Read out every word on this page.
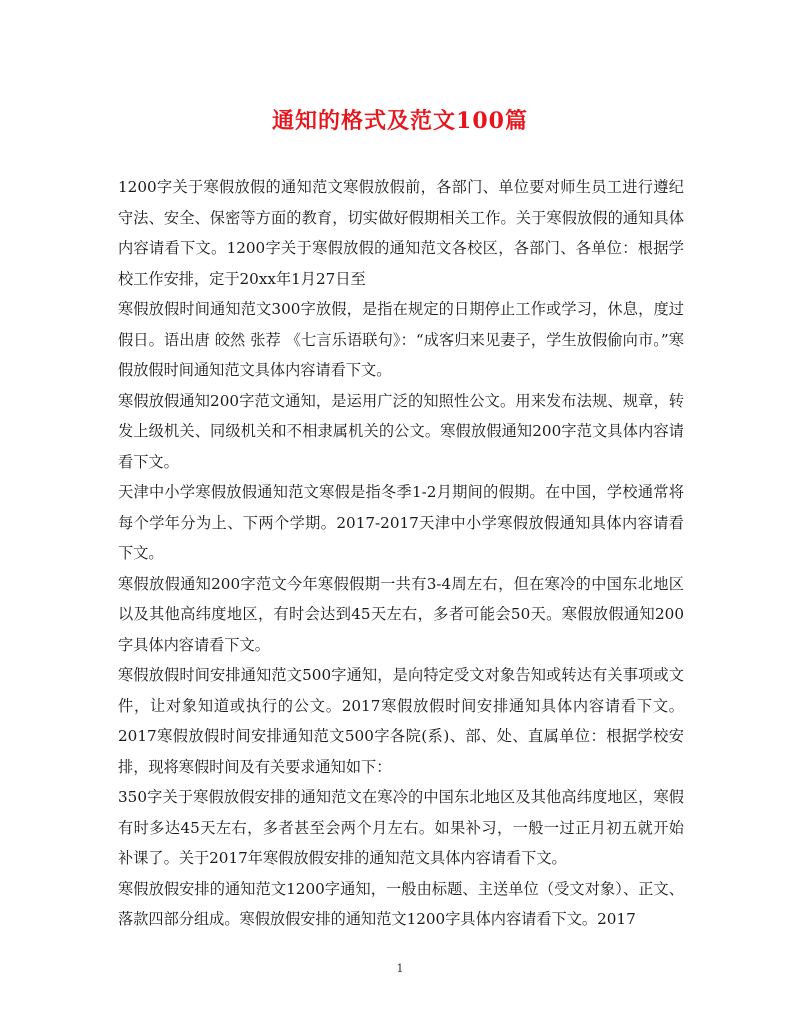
通知的格式及范文100篇

1200字关于寒假放假的通知范文寒假放假前，各部门、单位要对师生员工进行遵纪守法、安全、保密等方面的教育，切实做好假期相关工作。关于寒假放假的通知具体内容请看下文。1200字关于寒假放假的通知范文各校区，各部门、各单位：根据学校工作安排，定于20xx年1月27日至

寒假放假时间通知范文300字放假，是指在规定的日期停止工作或学习，休息，度过假日。语出唐 皎然 张荐 《七言乐语联句》：“成客归来见妻子，学生放假偷向市。”寒假放假时间通知范文具体内容请看下文。

寒假放假通知200字范文通知，是运用广泛的知照性公文。用来发布法规、规章，转发上级机关、同级机关和不相隶属机关的公文。寒假放假通知200字范文具体内容请看下文。

天津中小学寒假放假通知范文寒假是指冬季1-2月期间的假期。在中国，学校通常将每个学年分为上、下两个学期。2017-2017天津中小学寒假放假通知具体内容请看下文。

寒假放假通知200字范文今年寒假假期一共有3-4周左右，但在寒冷的中国东北地区以及其他高纬度地区，有时会达到45天左右，多者可能会50天。寒假放假通知200字具体内容请看下文。

寒假放假时间安排通知范文500字通知，是向特定受文对象告知或转达有关事项或文件，让对象知道或执行的公文。2017寒假放假时间安排通知具体内容请看下文。2017寒假放假时间安排通知范文500字各院(系)、部、处、直属单位：根据学校安排，现将寒假时间及有关要求通知如下：

350字关于寒假放假安排的通知范文在寒冷的中国东北地区及其他高纬度地区，寒假有时多达45天左右，多者甚至会两个月左右。如果补习，一般一过正月初五就开始补课了。关于2017年寒假放假安排的通知范文具体内容请看下文。

寒假放假安排的通知范文1200字通知，一般由标题、主送单位（受文对象）、正文、落款四部分组成。寒假放假安排的通知范文1200字具体内容请看下文。2017

1
